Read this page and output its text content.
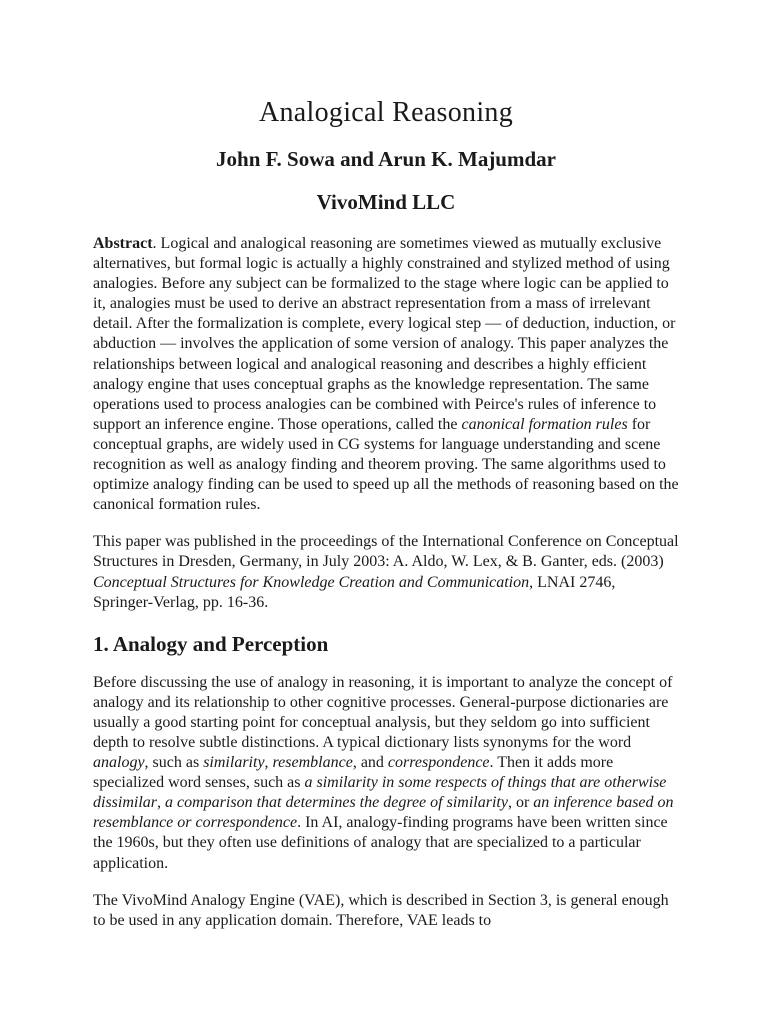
Analogical Reasoning
John F. Sowa and Arun K. Majumdar
VivoMind LLC

Abstract. Logical and analogical reasoning are sometimes viewed as mutually exclusive alternatives, but formal logic is actually a highly constrained and stylized method of using analogies. Before any subject can be formalized to the stage where logic can be applied to it, analogies must be used to derive an abstract representation from a mass of irrelevant detail. After the formalization is complete, every logical step — of deduction, induction, or abduction — involves the application of some version of analogy. This paper analyzes the relationships between logical and analogical reasoning and describes a highly efficient analogy engine that uses conceptual graphs as the knowledge representation. The same operations used to process analogies can be combined with Peirce's rules of inference to support an inference engine. Those operations, called the canonical formation rules for conceptual graphs, are widely used in CG systems for language understanding and scene recognition as well as analogy finding and theorem proving. The same algorithms used to optimize analogy finding can be used to speed up all the methods of reasoning based on the canonical formation rules.

This paper was published in the proceedings of the International Conference on Conceptual Structures in Dresden, Germany, in July 2003: A. Aldo, W. Lex, & B. Ganter, eds. (2003) Conceptual Structures for Knowledge Creation and Communication, LNAI 2746, Springer-Verlag, pp. 16-36.

1. Analogy and Perception

Before discussing the use of analogy in reasoning, it is important to analyze the concept of analogy and its relationship to other cognitive processes. General-purpose dictionaries are usually a good starting point for conceptual analysis, but they seldom go into sufficient depth to resolve subtle distinctions. A typical dictionary lists synonyms for the word analogy, such as similarity, resemblance, and correspondence. Then it adds more specialized word senses, such as a similarity in some respects of things that are otherwise dissimilar, a comparison that determines the degree of similarity, or an inference based on resemblance or correspondence. In AI, analogy-finding programs have been written since the 1960s, but they often use definitions of analogy that are specialized to a particular application.

The VivoMind Analogy Engine (VAE), which is described in Section 3, is general enough to be used in any application domain. Therefore, VAE leads to
